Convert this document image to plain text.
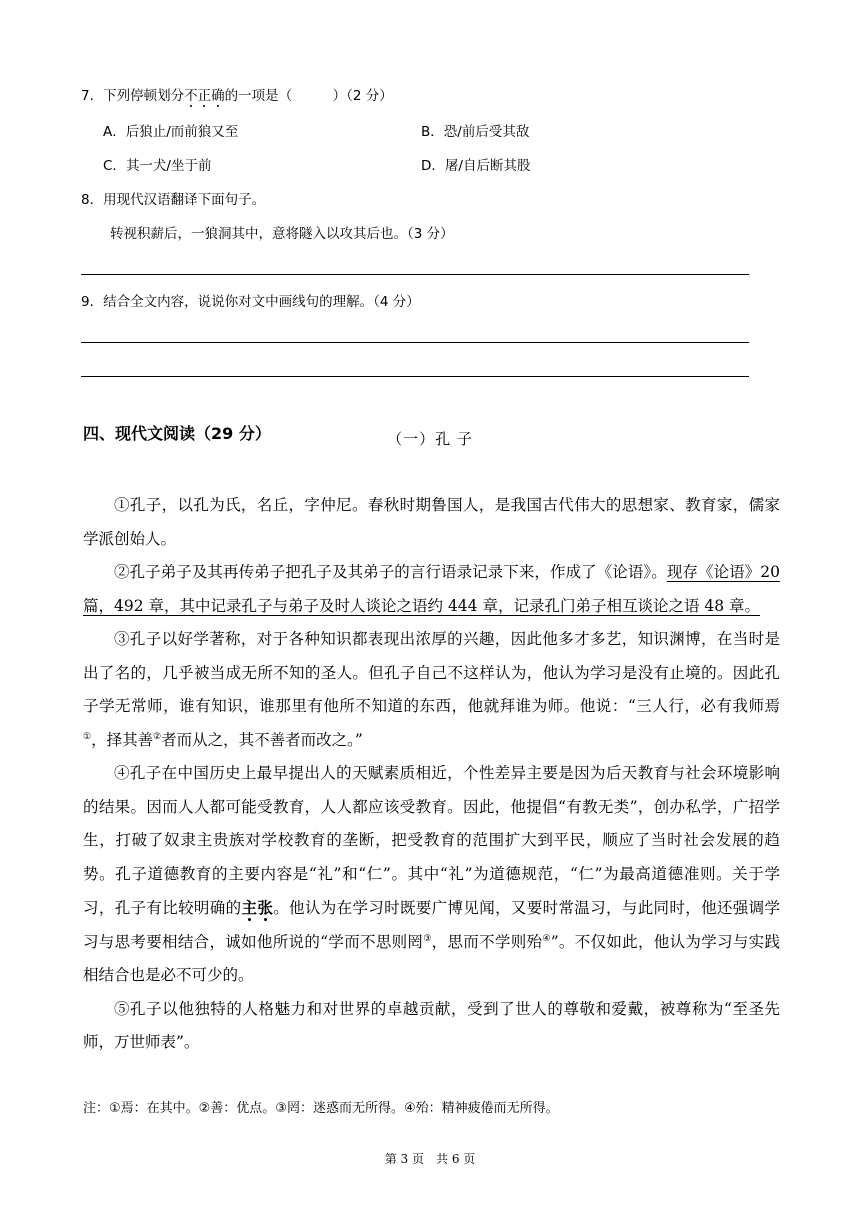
7．下列停顿划分不正确的一项是（　　　）（2 分）
A．后狼止/而前狼又至	B．恐/前后受其敌
C．其一犬/坐于前	D．屠/自后断其股
8．用现代汉语翻译下面句子。
转视积薪后，一狼洞其中，意将隧入以攻其后也。（3 分）
9．结合全文内容，说说你对文中画线句的理解。（4 分）
四、现代文阅读（29 分）	（一）孔 子

①孔子，以孔为氏，名丘，字仲尼。春秋时期鲁国人，是我国古代伟大的思想家、教育家，儒家学派创始人。

②孔子弟子及其再传弟子把孔子及其弟子的言行语录记录下来，作成了《论语》。现存《论语》20 篇，492 章，其中记录孔子与弟子及时人谈论之语约 444 章，记录孔门弟子相互谈论之语 48 章。

③孔子以好学著称，对于各种知识都表现出浓厚的兴趣，因此他多才多艺，知识渊博，在当时是出了名的，几乎被当成无所不知的圣人。但孔子自己不这样认为，他认为学习是没有止境的。因此孔子学无常师，谁有知识，谁那里有他所不知道的东西，他就拜谁为师。他说：“三人行，必有我师焉①，择其善②者而从之，其不善者而改之。”

④孔子在中国历史上最早提出人的天赋素质相近，个性差异主要是因为后天教育与社会环境影响的结果。因而人人都可能受教育，人人都应该受教育。因此，他提倡“有教无类”，创办私学，广招学生，打破了奴隶主贵族对学校教育的垄断，把受教育的范围扩大到平民，顺应了当时社会发展的趋势。孔子道德教育的主要内容是“礼”和“仁”。其中“礼”为道德规范，“仁”为最高道德准则。关于学习，孔子有比较明确的主张。他认为在学习时既要广博见闻，又要时常温习，与此同时，他还强调学习与思考要相结合，诚如他所说的“学而不思则罔③，思而不学则殆④”。不仅如此，他认为学习与实践相结合也是必不可少的。

⑤孔子以他独特的人格魅力和对世界的卓越贡献，受到了世人的尊敬和爱戴，被尊称为“至圣先师，万世师表”。

注：①焉：在其中。②善：优点。③罔：迷惑而无所得。④殆：精神疲倦而无所得。
第 3 页　共 6 页
